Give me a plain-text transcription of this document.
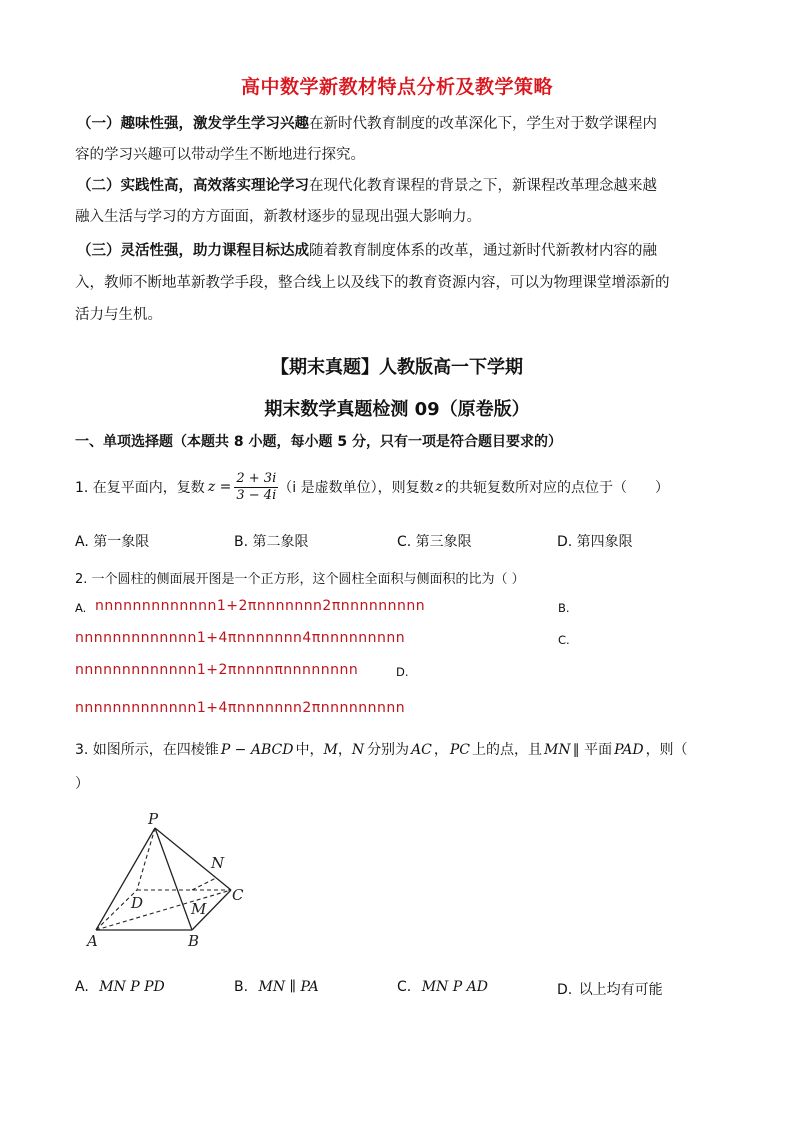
高中数学新教材特点分析及教学策略
（一）趣味性强，激发学生学习兴趣在新时代教育制度的改革深化下，学生对于数学课程内
容的学习兴趣可以带动学生不断地进行探究。
（二）实践性高，高效落实理论学习在现代化教育课程的背景之下，新课程改革理念越来越
融入生活与学习的方方面面，新教材逐步的显现出强大影响力。
（三）灵活性强，助力课程目标达成随着教育制度体系的改革，通过新时代新教材内容的融
入，教师不断地革新教学手段，整合线上以及线下的教育资源内容，可以为物理课堂增添新的
活力与生机。
【期末真题】人教版高一下学期
期末数学真题检测 09（原卷版）
一、单项选择题（本题共 8 小题，每小题 5 分，只有一项是符合题目要求的）
1. 在复平面内，复数 $z = \frac{2 + 3i}{3 - 4i} (i$ 是虚数单位），则复数 z 的共轭复数所对应的点位于（　　）
A. 第一象限	B. 第二象限	C. 第三象限	D. 第四象限
2. 一个圆柱的侧面展开图是一个正方形，这个圆柱全面积与侧面积的比为（ ）
A. nnnnnnnnnnnnn1+2πnnnnnnn2πnnnnnnnnn	B.
nnnnnnnnnnnnn1+4πnnnnnnn4πnnnnnnnnn	C.
nnnnnnnnnnnnn1+2πnnnnπnnnnnnnn	D.
nnnnnnnnnnnnn1+4πnnnnnnn2πnnnnnnnnn
3. 如图所示，在四棱锥 P − ABCD 中，M，N 分别为 AC ， PC 上的点，且 MN ∥ 平面 PAD ，则（
）
P
N
D	C
M
A	B
A. MN P PD	B. MN ∥ PA	C. MN P AD	D. 以上均有可能
